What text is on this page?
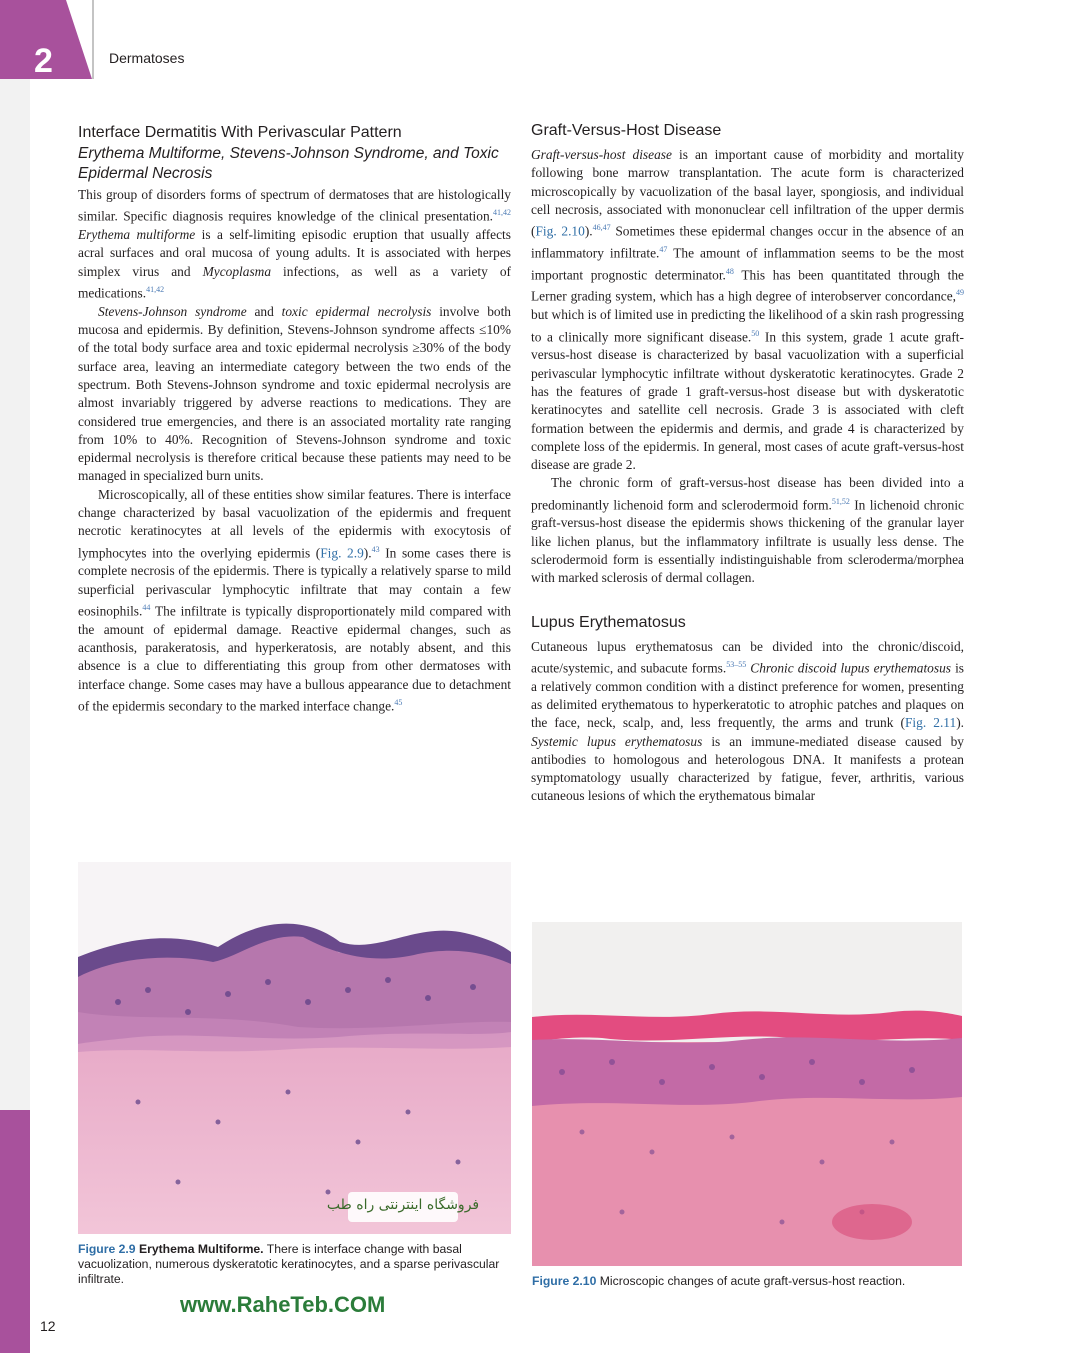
2	Dermatoses
12
Interface Dermatitis With Perivascular Pattern
Erythema Multiforme, Stevens-Johnson Syndrome, and Toxic Epidermal Necrosis

This group of disorders forms of spectrum of dermatoses that are histologically similar. Specific diagnosis requires knowledge of the clinical presentation.$^{41,42}$ Erythema multiforme is a self-limiting episodic eruption that usually affects acral surfaces and oral mucosa of young adults. It is associated with herpes simplex virus and Mycoplasma infections, as well as a variety of medications.$^{41,42}$

Stevens-Johnson syndrome and toxic epidermal necrolysis involve both mucosa and epidermis. By definition, Stevens-Johnson syndrome affects ≤10% of the total body surface area and toxic epidermal necrolysis ≥30% of the body surface area, leaving an intermediate category between the two ends of the spectrum. Both Stevens-Johnson syndrome and toxic epidermal necrolysis are almost invariably triggered by adverse reactions to medications. They are considered true emergencies, and there is an associated mortality rate ranging from 10% to 40%. Recognition of Stevens-Johnson syndrome and toxic epidermal necrolysis is therefore critical because these patients may need to be managed in specialized burn units.

Microscopically, all of these entities show similar features. There is interface change characterized by basal vacuolization of the epidermis and frequent necrotic keratinocytes at all levels of the epidermis with exocytosis of lymphocytes into the overlying epidermis (Fig. 2.9).$^{43}$ In some cases there is complete necrosis of the epidermis. There is typically a relatively sparse to mild superficial perivascular lymphocytic infiltrate that may contain a few eosinophils.$^{44}$ The infiltrate is typically disproportionately mild compared with the amount of epidermal damage. Reactive epidermal changes, such as acanthosis, parakeratosis, and hyperkeratosis, are notably absent, and this absence is a clue to differentiating this group from other dermatoses with interface change. Some cases may have a bullous appearance due to detachment of the epidermis secondary to the marked interface change.$^{45}$

Graft-Versus-Host Disease

Graft-versus-host disease is an important cause of morbidity and mortality following bone marrow transplantation. The acute form is characterized microscopically by vacuolization of the basal layer, spongiosis, and individual cell necrosis, associated with mononuclear cell infiltration of the upper dermis (Fig. 2.10).$^{46,47}$ Sometimes these epidermal changes occur in the absence of an inflammatory infiltrate.$^{47}$ The amount of inflammation seems to be the most important prognostic determinator.$^{48}$ This has been quantitated through the Lerner grading system, which has a high degree of interobserver concordance,$^{49}$ but which is of limited use in predicting the likelihood of a skin rash progressing to a clinically more significant disease.$^{50}$ In this system, grade 1 acute graft-versus-host disease is characterized by basal vacuolization with a superficial perivascular lymphocytic infiltrate without dyskeratotic keratinocytes. Grade 2 has the features of grade 1 graft-versus-host disease but with dyskeratotic keratinocytes and satellite cell necrosis. Grade 3 is associated with cleft formation between the epidermis and dermis, and grade 4 is characterized by complete loss of the epidermis. In general, most cases of acute graft-versus-host disease are grade 2.

The chronic form of graft-versus-host disease has been divided into a predominantly lichenoid form and sclerodermoid form.$^{51,52}$ In lichenoid chronic graft-versus-host disease the epidermis shows thickening of the granular layer like lichen planus, but the inflammatory infiltrate is usually less dense. The sclerodermoid form is essentially indistinguishable from scleroderma/morphea with marked sclerosis of dermal collagen.

Lupus Erythematosus

Cutaneous lupus erythematosus can be divided into the chronic/discoid, acute/systemic, and subacute forms.$^{53-55}$ Chronic discoid lupus erythematosus is a relatively common condition with a distinct preference for women, presenting as delimited erythematous to hyperkeratotic to atrophic patches and plaques on the face, neck, scalp, and, less frequently, the arms and trunk (Fig. 2.11). Systemic lupus erythematosus is an immune-mediated disease caused by antibodies to homologous and heterologous DNA. It manifests a protean symptomatology usually characterized by fatigue, fever, arthritis, various cutaneous lesions of which the erythematous bimalar

فروشگاه اینترنتی راه طب
Figure 2.9 Erythema Multiforme. There is interface change with basal vacuolization, numerous dyskeratotic keratinocytes, and a sparse perivascular infiltrate.
www.RaheTeb.COM
Figure 2.10 Microscopic changes of acute graft-versus-host reaction.
